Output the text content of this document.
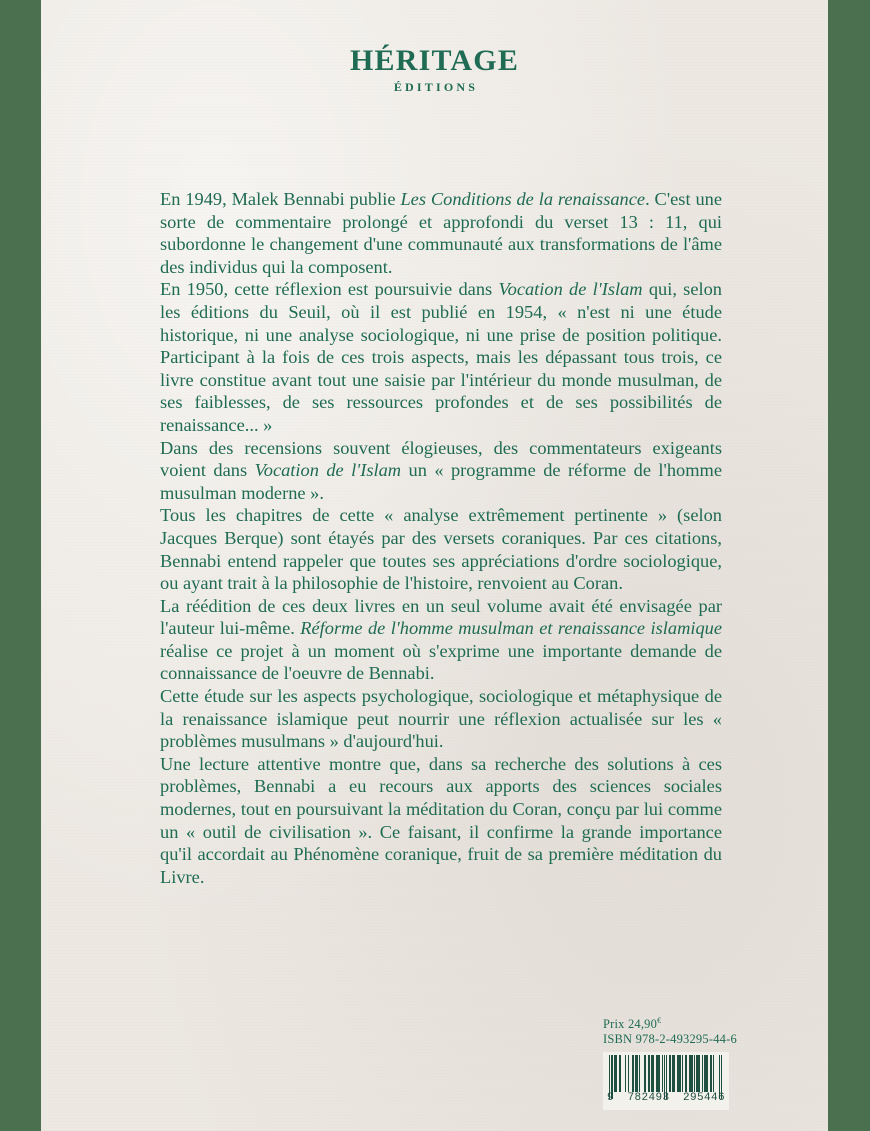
HÉRITAGE
ÉDITIONS

En 1949, Malek Bennabi publie Les Conditions de la renaissance. C'est une sorte de commentaire prolongé et approfondi du verset 13 : 11, qui subordonne le changement d'une communauté aux transformations de l'âme des individus qui la composent.

En 1950, cette réflexion est poursuivie dans Vocation de l'Islam qui, selon les éditions du Seuil, où il est publié en 1954, « n'est ni une étude historique, ni une analyse sociologique, ni une prise de position politique. Participant à la fois de ces trois aspects, mais les dépassant tous trois, ce livre constitue avant tout une saisie par l'intérieur du monde musulman, de ses faiblesses, de ses ressources profondes et de ses possibilités de renaissance... »

Dans des recensions souvent élogieuses, des commentateurs exigeants voient dans Vocation de l'Islam un « programme de réforme de l'homme musulman moderne ».

Tous les chapitres de cette « analyse extrêmement pertinente » (selon Jacques Berque) sont étayés par des versets coraniques. Par ces citations, Bennabi entend rappeler que toutes ses appréciations d'ordre sociologique, ou ayant trait à la philosophie de l'histoire, renvoient au Coran.

La réédition de ces deux livres en un seul volume avait été envisagée par l'auteur lui-même. Réforme de l'homme musulman et renaissance islamique réalise ce projet à un moment où s'exprime une importante demande de connaissance de l'oeuvre de Bennabi.

Cette étude sur les aspects psychologique, sociologique et métaphysique de la renaissance islamique peut nourrir une réflexion actualisée sur les « problèmes musulmans » d'aujourd'hui.

Une lecture attentive montre que, dans sa recherche des solutions à ces problèmes, Bennabi a eu recours aux apports des sciences sociales modernes, tout en poursuivant la méditation du Coran, conçu par lui comme un « outil de civilisation ». Ce faisant, il confirme la grande importance qu'il accordait au Phénomène coranique, fruit de sa première méditation du Livre.

Prix 24,90€
ISBN 978-2-493295-44-6
9 782493 295446
